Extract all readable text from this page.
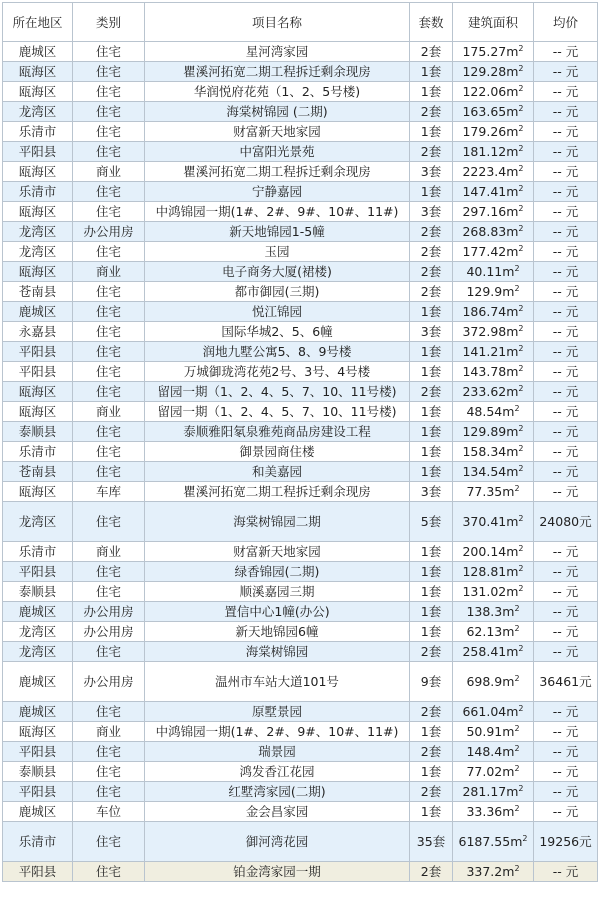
所在地区	类别	项目名称	套数	建筑面积	均价
鹿城区	住宅	星河湾家园	2套	$175.27m^2$	-- 元
瓯海区	住宅	瞿溪河拓宽二期工程拆迁剩余现房	1套	$129.28m^2$	-- 元
瓯海区	住宅	华润悦府花苑（1、2、5号楼)	1套	$122.06m^2$	-- 元
龙湾区	住宅	海棠树锦园 (二期)	2套	$163.65m^2$	-- 元
乐清市	住宅	财富新天地家园	1套	$179.26m^2$	-- 元
平阳县	住宅	中富阳光景苑	2套	$181.12m^2$	-- 元
瓯海区	商业	瞿溪河拓宽二期工程拆迁剩余现房	3套	$2223.4m^2$	-- 元
乐清市	住宅	宁静嘉园	1套	$147.41m^2$	-- 元
瓯海区	住宅	中鸿锦园一期(1#、2#、9#、10#、11#)	3套	$297.16m^2$	-- 元
龙湾区	办公用房	新天地锦园1-5幢	2套	$268.83m^2$	-- 元
龙湾区	住宅	玉园	2套	$177.42m^2$	-- 元
瓯海区	商业	电子商务大厦(裙楼)	2套	$40.11m^2$	-- 元
苍南县	住宅	都市御园(三期)	2套	$129.9m^2$	-- 元
鹿城区	住宅	悦江锦园	1套	$186.74m^2$	-- 元
永嘉县	住宅	国际华城2、5、6幢	3套	$372.98m^2$	-- 元
平阳县	住宅	润地九墅公寓5、8、9号楼	1套	$141.21m^2$	-- 元
平阳县	住宅	万城御珑湾花苑2号、3号、4号楼	1套	$143.78m^2$	-- 元
瓯海区	住宅	留园一期（1、2、4、5、7、10、11号楼)	2套	$233.62m^2$	-- 元
瓯海区	商业	留园一期（1、2、4、5、7、10、11号楼)	1套	$48.54m^2$	-- 元
泰顺县	住宅	泰顺雅阳氡泉雅苑商品房建设工程	1套	$129.89m^2$	-- 元
乐清市	住宅	御景园商住楼	1套	$158.34m^2$	-- 元
苍南县	住宅	和美嘉园	1套	$134.54m^2$	-- 元
瓯海区	车库	瞿溪河拓宽二期工程拆迁剩余现房	3套	$77.35m^2$	-- 元
龙湾区	住宅	海棠树锦园二期	5套	$370.41m^2$	24080元
乐清市	商业	财富新天地家园	1套	$200.14m^2$	-- 元
平阳县	住宅	绿香锦园(二期)	1套	$128.81m^2$	-- 元
泰顺县	住宅	顺溪嘉园三期	1套	$131.02m^2$	-- 元
鹿城区	办公用房	置信中心1幢(办公)	1套	$138.3m^2$	-- 元
龙湾区	办公用房	新天地锦园6幢	1套	$62.13m^2$	-- 元
龙湾区	住宅	海棠树锦园	2套	$258.41m^2$	-- 元
鹿城区	办公用房	温州市车站大道101号	9套	$698.9m^2$	36461元
鹿城区	住宅	原墅景园	2套	$661.04m^2$	-- 元
瓯海区	商业	中鸿锦园一期(1#、2#、9#、10#、11#)	1套	$50.91m^2$	-- 元
平阳县	住宅	瑞景园	2套	$148.4m^2$	-- 元
泰顺县	住宅	鸿发香江花园	1套	$77.02m^2$	-- 元
平阳县	住宅	红墅湾家园(二期)	2套	$281.17m^2$	-- 元
鹿城区	车位	金会昌家园	1套	$33.36m^2$	-- 元
乐清市	住宅	御河湾花园	35套	$6187.55m^2$	19256元
平阳县	住宅	铂金湾家园一期	2套	$337.2m^2$	-- 元
